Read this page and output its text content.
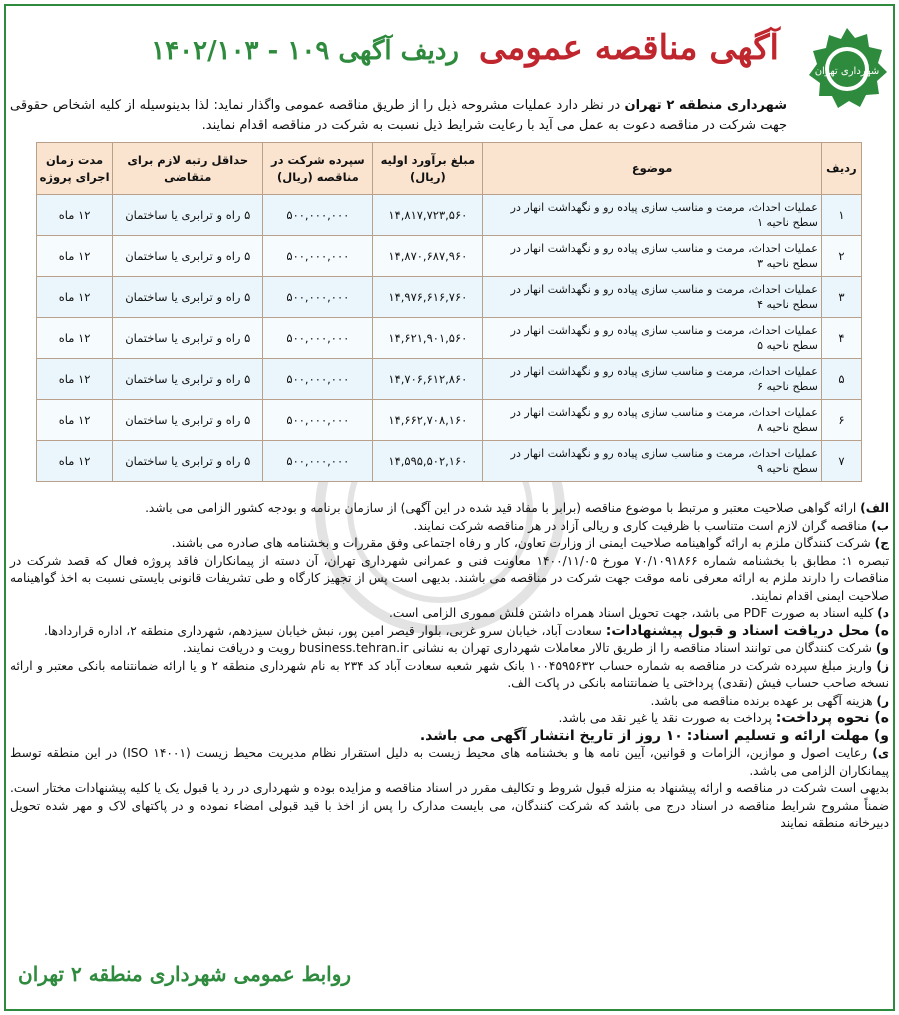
شهرداری تهران
آگهی مناقصه عمومی ردیف آگهی ۱۰۹ - ۱۴۰۲/۱۰۳
شهرداری منطقه ۲ تهران در نظر دارد عملیات مشروحه ذیل را از طریق مناقصه عمومی واگذار نماید: لذا بدینوسیله از کلیه اشخاص حقوقی جهت شرکت در مناقصه دعوت به عمل می آید با رعایت شرایط ذیل نسبت به شرکت در مناقصه اقدام نمایند.
ردیف	موضوع	مبلغ برآورد اولیه (ریال)	سپرده شرکت در مناقصه (ریال)	حداقل رتبه لازم برای متقاضی	مدت زمان اجرای پروژه
۱	عملیات احداث، مرمت و مناسب سازی پیاده رو و نگهداشت انهار در سطح ناحیه ۱	۱۴,۸۱۷,۷۲۳,۵۶۰	۵۰۰,۰۰۰,۰۰۰	۵ راه و ترابری یا ساختمان	۱۲ ماه
۲	عملیات احداث، مرمت و مناسب سازی پیاده رو و نگهداشت انهار در سطح ناحیه ۳	۱۴,۸۷۰,۶۸۷,۹۶۰	۵۰۰,۰۰۰,۰۰۰	۵ راه و ترابری یا ساختمان	۱۲ ماه
۳	عملیات احداث، مرمت و مناسب سازی پیاده رو و نگهداشت انهار در سطح ناحیه ۴	۱۴,۹۷۶,۶۱۶,۷۶۰	۵۰۰,۰۰۰,۰۰۰	۵ راه و ترابری یا ساختمان	۱۲ ماه
۴	عملیات احداث، مرمت و مناسب سازی پیاده رو و نگهداشت انهار در سطح ناحیه ۵	۱۴,۶۲۱,۹۰۱,۵۶۰	۵۰۰,۰۰۰,۰۰۰	۵ راه و ترابری یا ساختمان	۱۲ ماه
۵	عملیات احداث، مرمت و مناسب سازی پیاده رو و نگهداشت انهار در سطح ناحیه ۶	۱۴,۷۰۶,۶۱۲,۸۶۰	۵۰۰,۰۰۰,۰۰۰	۵ راه و ترابری یا ساختمان	۱۲ ماه
۶	عملیات احداث، مرمت و مناسب سازی پیاده رو و نگهداشت انهار در سطح ناحیه ۸	۱۴,۶۶۲,۷۰۸,۱۶۰	۵۰۰,۰۰۰,۰۰۰	۵ راه و ترابری یا ساختمان	۱۲ ماه
۷	عملیات احداث، مرمت و مناسب سازی پیاده رو و نگهداشت انهار در سطح ناحیه ۹	۱۴,۵۹۵,۵۰۲,۱۶۰	۵۰۰,۰۰۰,۰۰۰	۵ راه و ترابری یا ساختمان	۱۲ ماه

الف) ارائه گواهی صلاحیت معتبر و مرتبط با موضوع مناقصه (برابر با مفاد قید شده در این آگهی) از سازمان برنامه و بودجه کشور الزامی می باشد.

ب) مناقصه گران لازم است متناسب با ظرفیت کاری و ریالی آزاد در هر مناقصه شرکت نمایند.

ج) شرکت کنندگان ملزم به ارائه گواهینامه صلاحیت ایمنی از وزارت تعاون، کار و رفاه اجتماعی وفق مقررات و بخشنامه های صادره می باشند.

تبصره ۱: مطابق با بخشنامه شماره ۷۰/۱۰۹۱۸۶۶ مورخ ۱۴۰۰/۱۱/۰۵ معاونت فنی و عمرانی شهرداری تهران، آن دسته از پیمانکاران فاقد پروژه فعال که قصد شرکت در مناقصات را دارند ملزم به ارائه معرفی نامه موقت جهت شرکت در مناقصه می باشند. بدیهی است پس از تجهیز کارگاه و طی تشریفات قانونی بایستی نسبت به اخذ گواهینامه صلاحیت ایمنی اقدام نمایند.

د) کلیه اسناد به صورت PDF می باشد، جهت تحویل اسناد همراه داشتن فلش مموری الزامی است.

ه) محل دریافت اسناد و قبول پیشنهادات: سعادت آباد، خیابان سرو غربی، بلوار قیصر امین پور، نبش خیابان سیزدهم، شهرداری منطقه ۲، اداره قراردادها.

و) شرکت کنندگان می توانند اسناد مناقصه را از طریق تالار معاملات شهرداری تهران به نشانی business.tehran.ir رویت و دریافت نمایند.

ز) واریز مبلغ سپرده شرکت در مناقصه به شماره حساب ۱۰۰۴۵۹۵۶۳۲ بانک شهر شعبه سعادت آباد کد ۲۳۴ به نام شهرداری منطقه ۲ و یا ارائه ضمانتنامه بانکی معتبر و ارائه نسخه صاحب حساب فیش (نقدی) پرداختی یا ضمانتنامه بانکی در پاکت الف.

ر) هزینه آگهی بر عهده برنده مناقصه می باشد.

ه) نحوه پرداخت: پرداخت به صورت نقد یا غیر نقد می باشد.

و) مهلت ارائه و تسلیم اسناد: ۱۰ روز از تاریخ انتشار آگهی می باشد.

ی) رعایت اصول و موازین، الزامات و قوانین، آیین نامه ها و بخشنامه های محیط زیست به دلیل استقرار نظام مدیریت محیط زیست (ISO ۱۴۰۰۱) در این منطقه توسط پیمانکاران الزامی می باشد.

بدیهی است شرکت در مناقصه و ارائه پیشنهاد به منزله قبول شروط و تکالیف مقرر در اسناد مناقصه و مزایده بوده و شهرداری در رد یا قبول یک یا کلیه پیشنهادات مختار است. ضمناً مشروح شرایط مناقصه در اسناد درج می باشد که شرکت کنندگان، می بایست مدارک را پس از اخذ با قید قبولی امضاء نموده و در پاکتهای لاک و مهر شده تحویل دبیرخانه منطقه نمایند

روابط عمومی شهرداری منطقه ۲ تهران
